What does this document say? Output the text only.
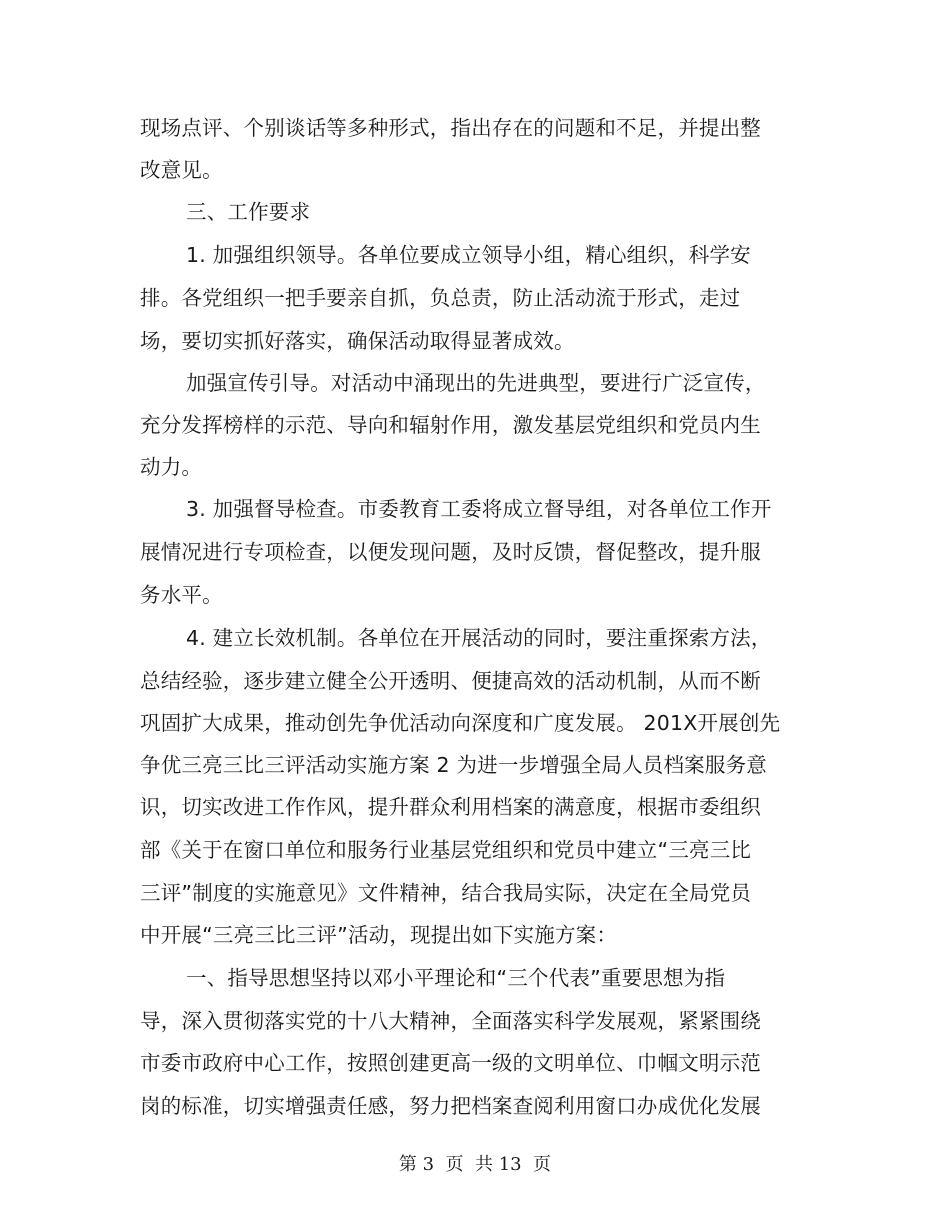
现场点评、个别谈话等多种形式，指出存在的问题和不足，并提出整
改意见。
三、工作要求
1. 加强组织领导。各单位要成立领导小组，精心组织，科学安
排。各党组织一把手要亲自抓，负总责，防止活动流于形式，走过
场，要切实抓好落实，确保活动取得显著成效。
加强宣传引导。对活动中涌现出的先进典型，要进行广泛宣传，
充分发挥榜样的示范、导向和辐射作用，激发基层党组织和党员内生
动力。
3. 加强督导检查。市委教育工委将成立督导组，对各单位工作开
展情况进行专项检查，以便发现问题，及时反馈，督促整改，提升服
务水平。
4. 建立长效机制。各单位在开展活动的同时，要注重探索方法，
总结经验，逐步建立健全公开透明、便捷高效的活动机制，从而不断
巩固扩大成果，推动创先争优活动向深度和广度发展。 201X开展创先
争优三亮三比三评活动实施方案 2 为进一步增强全局人员档案服务意
识，切实改进工作作风，提升群众利用档案的满意度，根据市委组织
部《关于在窗口单位和服务行业基层党组织和党员中建立“三亮三比
三评”制度的实施意见》文件精神，结合我局实际，决定在全局党员
中开展“三亮三比三评”活动，现提出如下实施方案：
一、指导思想坚持以邓小平理论和“三个代表”重要思想为指
导，深入贯彻落实党的十八大精神，全面落实科学发展观，紧紧围绕
市委市政府中心工作，按照创建更高一级的文明单位、巾帼文明示范
岗的标准，切实增强责任感，努力把档案查阅利用窗口办成优化发展
第 3  页  共 13  页
